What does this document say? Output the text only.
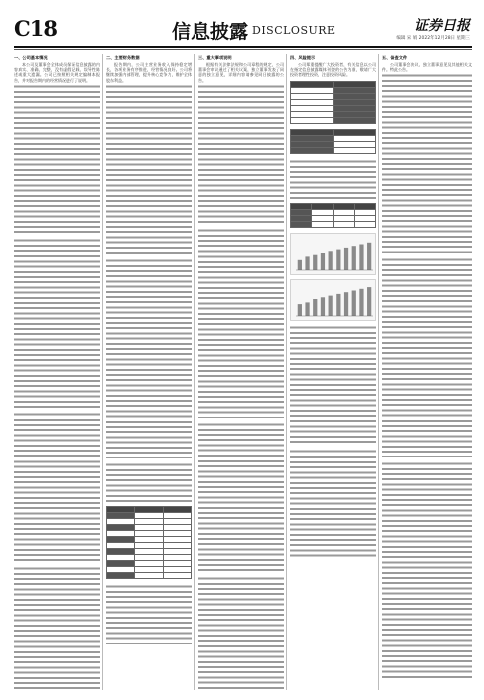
C18	信息披露 DISCLOSURE	证券日报
编辑 宋 娟 2022年12月28日 星期三
一、公司基本情况
本公司及董事会全体成员保证信息披露的内容真实、准确、完整，没有虚假记载、误导性陈述或重大遗漏。公司已按照相关规定编制本报告，并对报告期内的经营情况进行了说明。
二、主要财务数据
报告期内，公司主营业务收入保持稳定增长，各项业务有序推进，经营情况良好。公司将继续加强内部管理，提升核心竞争力，维护全体股东利益。

三、重大事项说明
根据有关法律法规和公司章程的规定，公司董事会审议通过了相关议案，独立董事发表了同意的独立意见，详细内容请参见同日披露的公告。
四、风险提示
公司郑重提醒广大投资者，有关信息以公司在指定信息披露媒体刊登的公告为准，敬请广大投资者理性投资，注意投资风险。

五、备查文件
公司董事会决议、独立董事意见及其他相关文件。特此公告。
